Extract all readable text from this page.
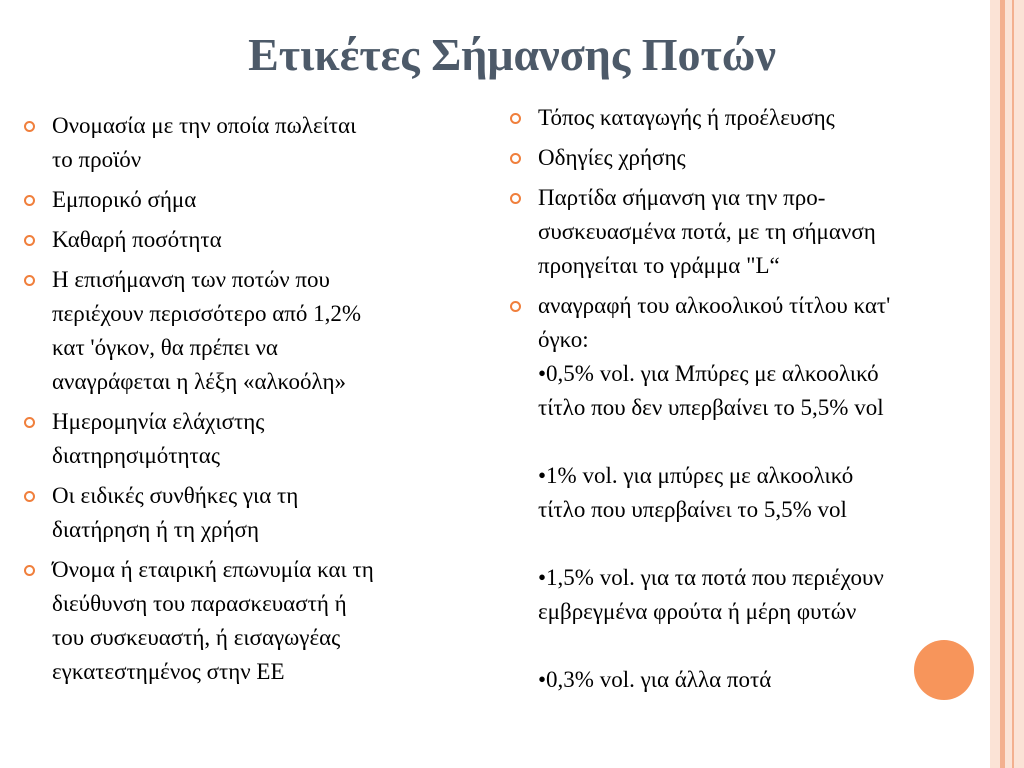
Ετικέτες Σήμανσης Ποτών
Ονομασία με την οποία πωλείται
το προϊόν
Εμπορικό σήμα
Καθαρή ποσότητα
Η επισήμανση των ποτών που
περιέχουν περισσότερο από 1,2%
κατ 'όγκον, θα πρέπει να
αναγράφεται η λέξη «αλκοόλη»
Ημερομηνία ελάχιστης
διατηρησιμότητας
Οι ειδικές συνθήκες για τη
διατήρηση ή τη χρήση
Όνομα ή εταιρική επωνυμία και τη
διεύθυνση του παρασκευαστή ή
του συσκευαστή, ή εισαγωγέας
εγκατεστημένος στην ΕΕ
Τόπος καταγωγής ή προέλευσης
Οδηγίες χρήσης
Παρτίδα σήμανση για την προ-
συσκευασμένα ποτά, με τη σήμανση
προηγείται το γράμμα "L“
αναγραφή του αλκοολικού τίτλου κατ'
όγκο:
•0,5% vol. για Μπύρες με αλκοολικό
τίτλο που δεν υπερβαίνει το 5,5% vol
•1% vol. για μπύρες με αλκοολικό
τίτλο που υπερβαίνει το 5,5% vol
•1,5% vol. για τα ποτά που περιέχουν
εμβρεγμένα φρούτα ή μέρη φυτών
•0,3% vol. για άλλα ποτά
